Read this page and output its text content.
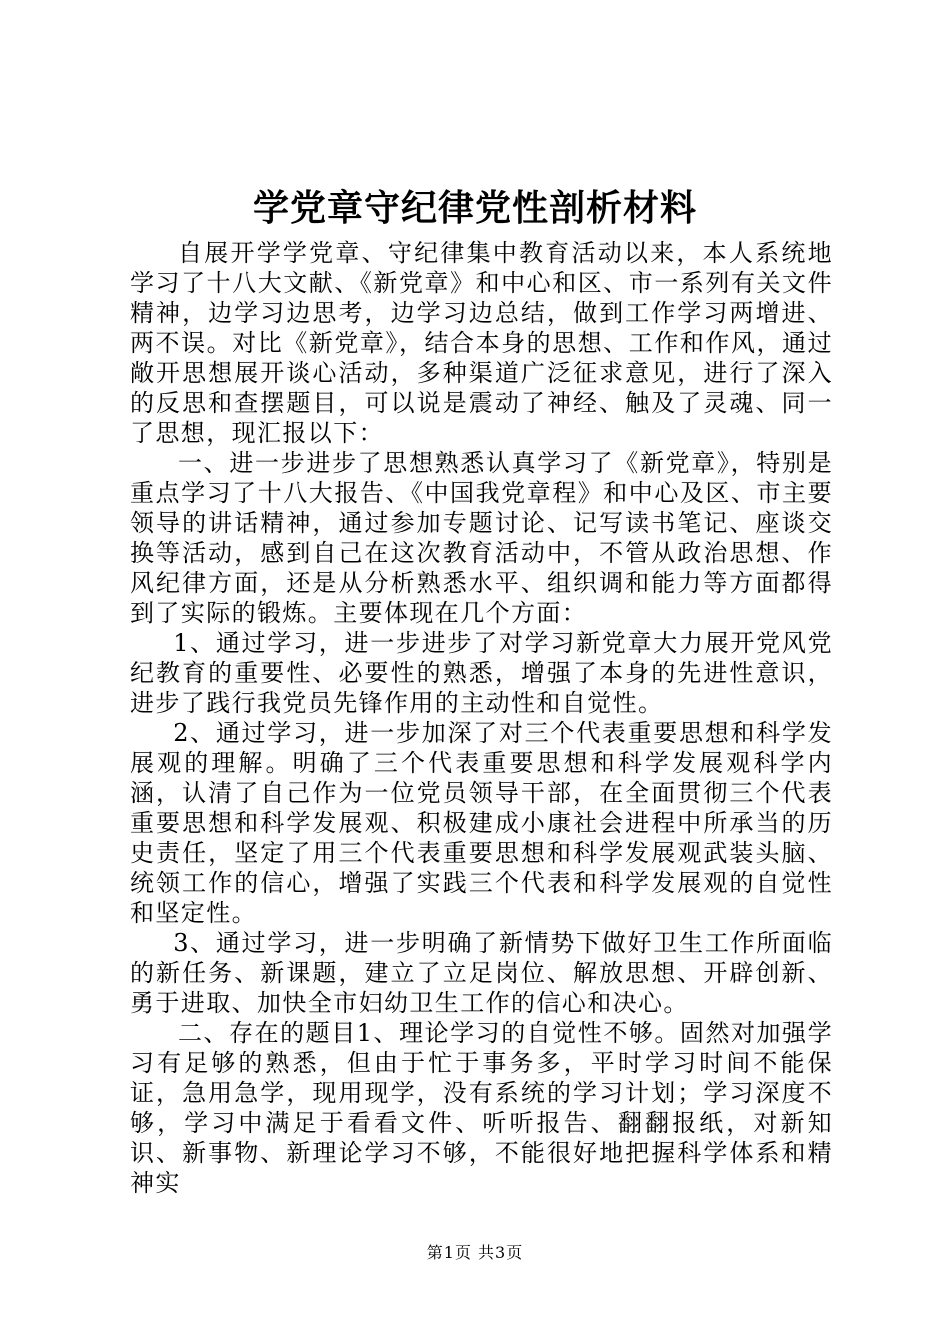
学党章守纪律党性剖析材料

自展开学学党章、守纪律集中教育活动以来，本人系统地学习了十八大文献、《新党章》和中心和区、市一系列有关文件精神，边学习边思考，边学习边总结，做到工作学习两增进、两不误。对比《新党章》，结合本身的思想、工作和作风，通过敞开思想展开谈心活动，多种渠道广泛征求意见，进行了深入的反思和查摆题目，可以说是震动了神经、触及了灵魂、同一了思想，现汇报以下：

一、进一步进步了思想熟悉认真学习了《新党章》，特别是重点学习了十八大报告、《中国我党章程》和中心及区、市主要领导的讲话精神，通过参加专题讨论、记写读书笔记、座谈交换等活动，感到自己在这次教育活动中，不管从政治思想、作风纪律方面，还是从分析熟悉水平、组织调和能力等方面都得到了实际的锻炼。主要体现在几个方面：

1、通过学习，进一步进步了对学习新党章大力展开党风党纪教育的重要性、必要性的熟悉，增强了本身的先进性意识，进步了践行我党员先锋作用的主动性和自觉性。

2、通过学习，进一步加深了对三个代表重要思想和科学发展观的理解。明确了三个代表重要思想和科学发展观科学内涵，认清了自己作为一位党员领导干部，在全面贯彻三个代表重要思想和科学发展观、积极建成小康社会进程中所承当的历史责任，坚定了用三个代表重要思想和科学发展观武装头脑、统领工作的信心，增强了实践三个代表和科学发展观的自觉性和坚定性。

3、通过学习，进一步明确了新情势下做好卫生工作所面临的新任务、新课题，建立了立足岗位、解放思想、开辟创新、勇于进取、加快全市妇幼卫生工作的信心和决心。

二、存在的题目1、理论学习的自觉性不够。固然对加强学习有足够的熟悉，但由于忙于事务多，平时学习时间不能保证，急用急学，现用现学，没有系统的学习计划；学习深度不够，学习中满足于看看文件、听听报告、翻翻报纸，对新知识、新事物、新理论学习不够，不能很好地把握科学体系和精神实

第1页 共3页
